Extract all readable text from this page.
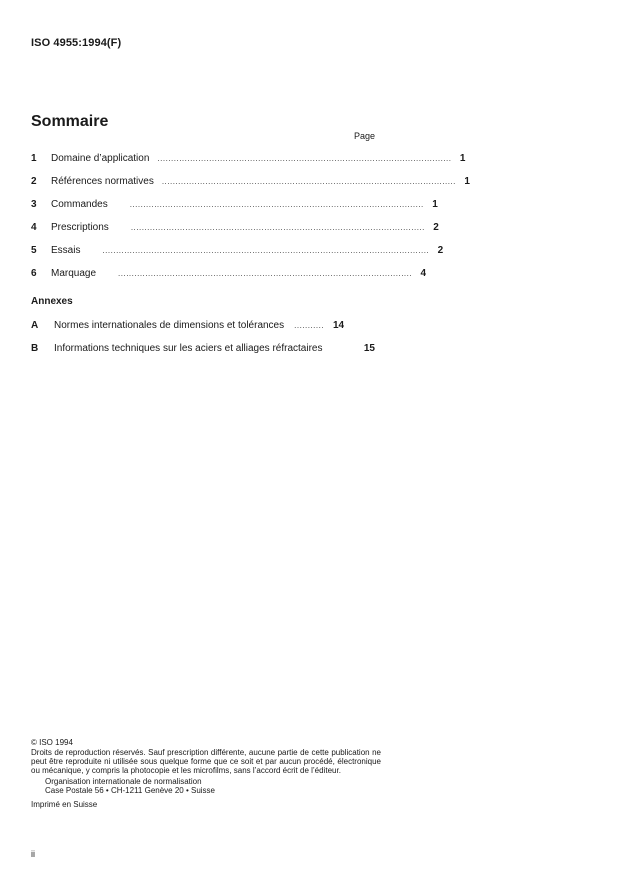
ISO 4955:1994(F)
Sommaire
Page
1	Domaine d’application ............................................................................................................ 1
2	Références normatives ............................................................................................................ 1
3	Commandes	............................................................................................................ 1
4	Prescriptions	............................................................................................................ 2
5	Essais	........................................................................................................................ 2
6	Marquage	............................................................................................................ 4
Annexes
A	Normes internationales de dimensions et tolérances ........... 14
B	Informations techniques sur les aciers et alliages réfractaires	15
© ISO 1994
Droits de reproduction réservés. Sauf prescription différente, aucune partie de cette publication ne peut être reproduite ni utilisée sous quelque forme que ce soit et par aucun procédé, électronique ou mécanique, y compris la photocopie et les microfilms, sans l’accord écrit de l’éditeur.
Organisation internationale de normalisation
Case Postale 56 • CH-1211 Genève 20 • Suisse
Imprimé en Suisse
ii
